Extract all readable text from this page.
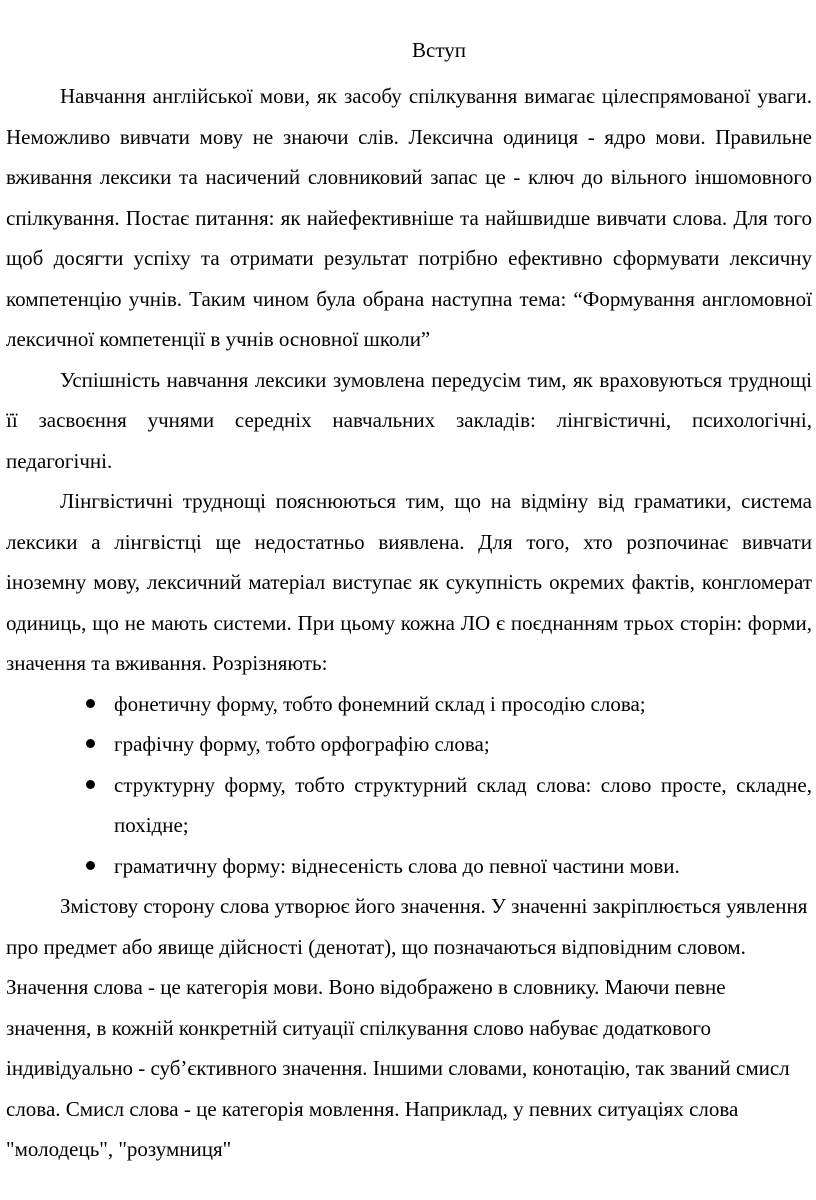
Вступ

Навчання англійської мови, як засобу спілкування вимагає цілеспрямованої уваги. Неможливо вивчати мову не знаючи слів. Лексична одиниця - ядро мови. Правильне вживання лексики та насичений словниковий запас це - ключ до вільного іншомовного спілкування. Постає питання: як найефективніше та найшвидше вивчати слова. Для того щоб досягти успіху та отримати результат потрібно ефективно сформувати лексичну компетенцію учнів. Таким чином була обрана наступна тема: “Формування англомовної лексичної компетенції в учнів основної школи”

Успішність навчання лексики зумовлена передусім тим, як враховуються труднощі її засвоєння учнями середніх навчальних закладів: лінгвістичні, психологічні, педагогічні.

Лінгвістичні труднощі пояснюються тим, що на відміну від граматики, система лексики а лінгвістці ще недостатньо виявлена. Для того, хто розпочинає вивчати іноземну мову, лексичний матеріал виступає як сукупність окремих фактів, конгломерат одиниць, що не мають системи. При цьому кожна ЛО є поєднанням трьох сторін: форми, значення та вживання. Розрізняють:

фонетичну форму, тобто фонемний склад і просодію слова;
графічну форму, тобто орфографію слова;
структурну форму, тобто структурний склад слова: слово просте, складне, похідне;
граматичну форму: віднесеність слова до певної частини мови.

Змістову сторону слова утворює його значення. У значенні закріплюється уявлення про предмет або явище дійсності (денотат), що позначаються відповідним словом. Значення слова - це категорія мови. Воно відображено в словнику. Маючи певне значення, в кожній конкретній ситуації спілкування слово набуває додаткового індивідуально - суб’єктивного значення. Іншими словами, конотацію, так званий смисл слова. Смисл слова - це категорія мовлення. Наприклад, у певних ситуаціях слова "молодець", "розумниця"
